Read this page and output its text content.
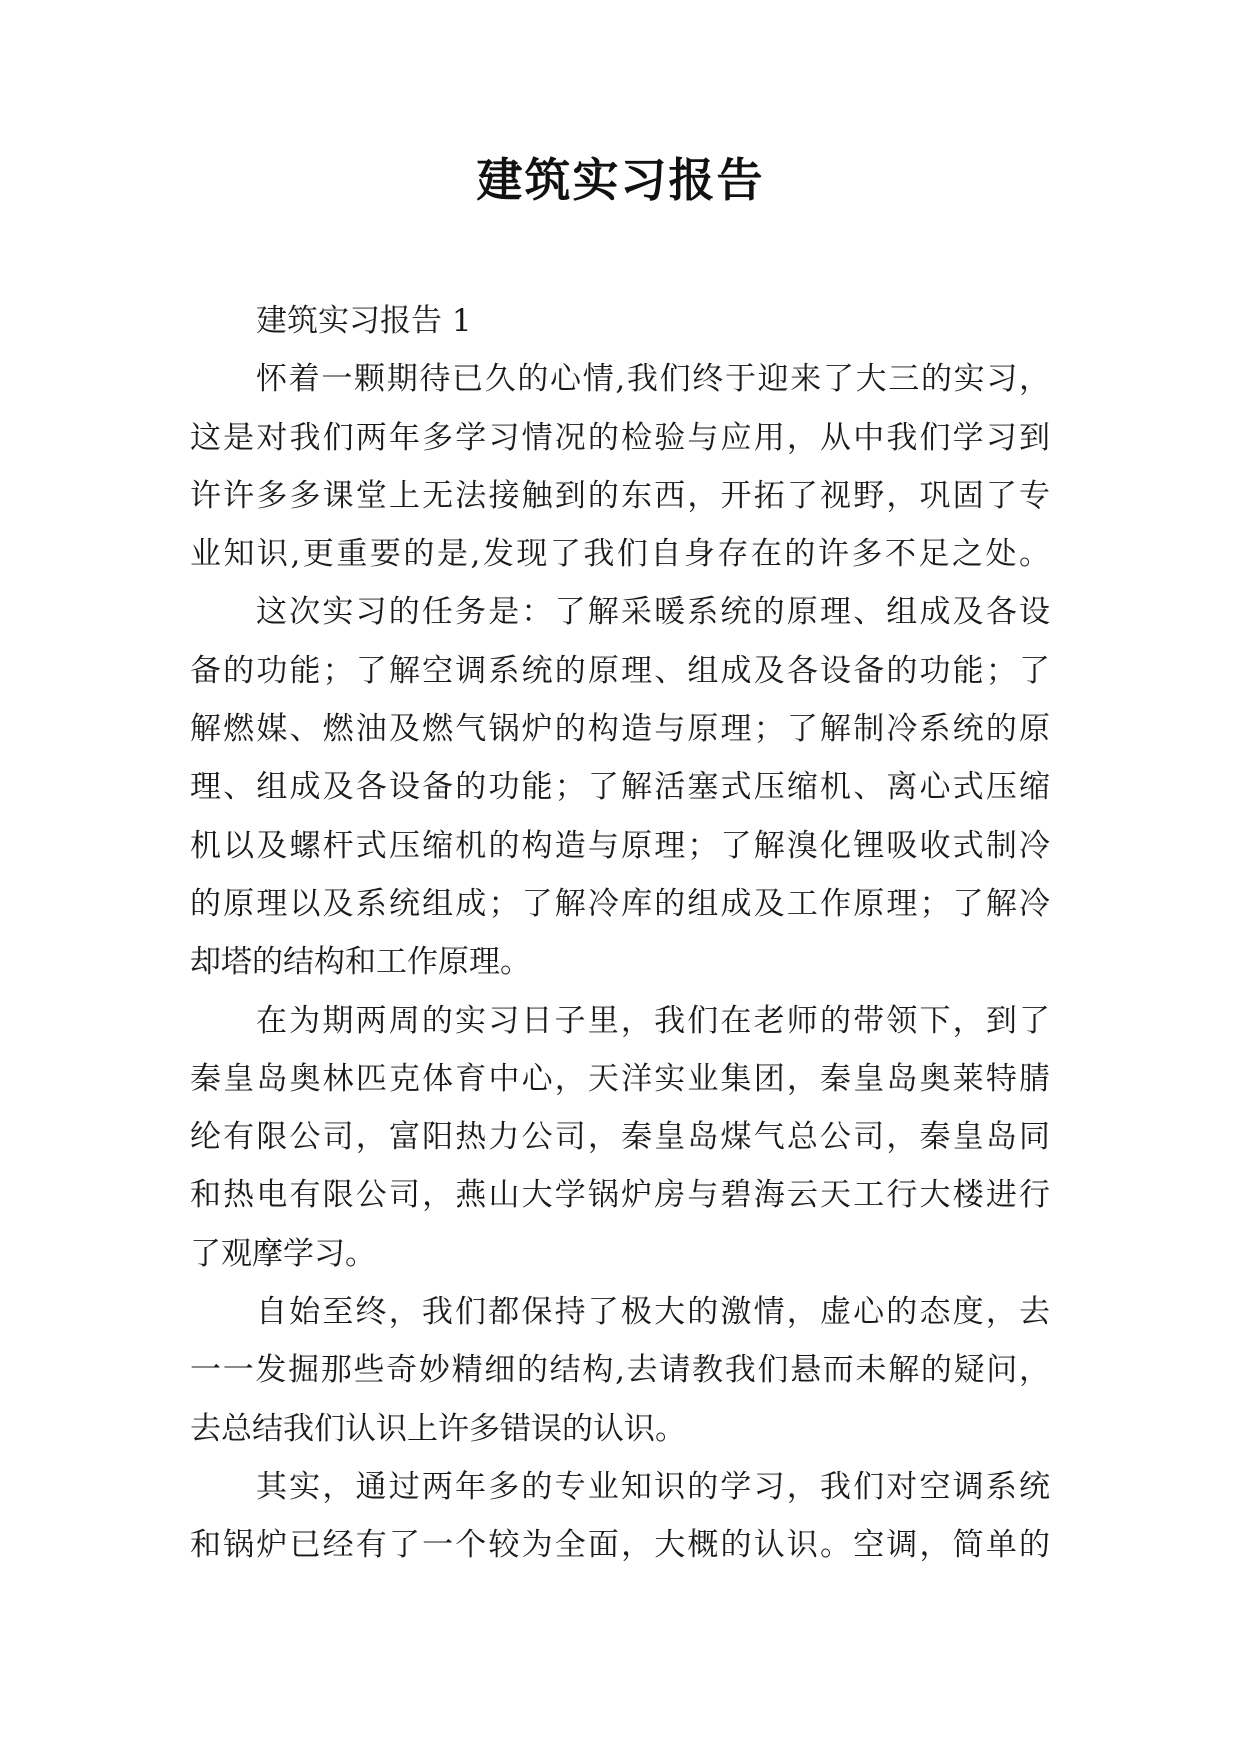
建筑实习报告
建筑实习报告 1
怀着一颗期待已久的心情,我们终于迎来了大三的实习，
这是对我们两年多学习情况的检验与应用，从中我们学习到
许许多多课堂上无法接触到的东西，开拓了视野，巩固了专
业知识,更重要的是,发现了我们自身存在的许多不足之处。
这次实习的任务是：了解采暖系统的原理、组成及各设
备的功能；了解空调系统的原理、组成及各设备的功能；了
解燃媒、燃油及燃气锅炉的构造与原理；了解制冷系统的原
理、组成及各设备的功能；了解活塞式压缩机、离心式压缩
机以及螺杆式压缩机的构造与原理；了解溴化锂吸收式制冷
的原理以及系统组成；了解冷库的组成及工作原理；了解冷
却塔的结构和工作原理。
在为期两周的实习日子里，我们在老师的带领下，到了
秦皇岛奥林匹克体育中心，天洋实业集团，秦皇岛奥莱特腈
纶有限公司，富阳热力公司，秦皇岛煤气总公司，秦皇岛同
和热电有限公司，燕山大学锅炉房与碧海云天工行大楼进行
了观摩学习。
自始至终，我们都保持了极大的激情，虚心的态度，去
一一发掘那些奇妙精细的结构,去请教我们悬而未解的疑问，
去总结我们认识上许多错误的认识。
其实，通过两年多的专业知识的学习，我们对空调系统
和锅炉已经有了一个较为全面，大概的认识。空调，简单的
